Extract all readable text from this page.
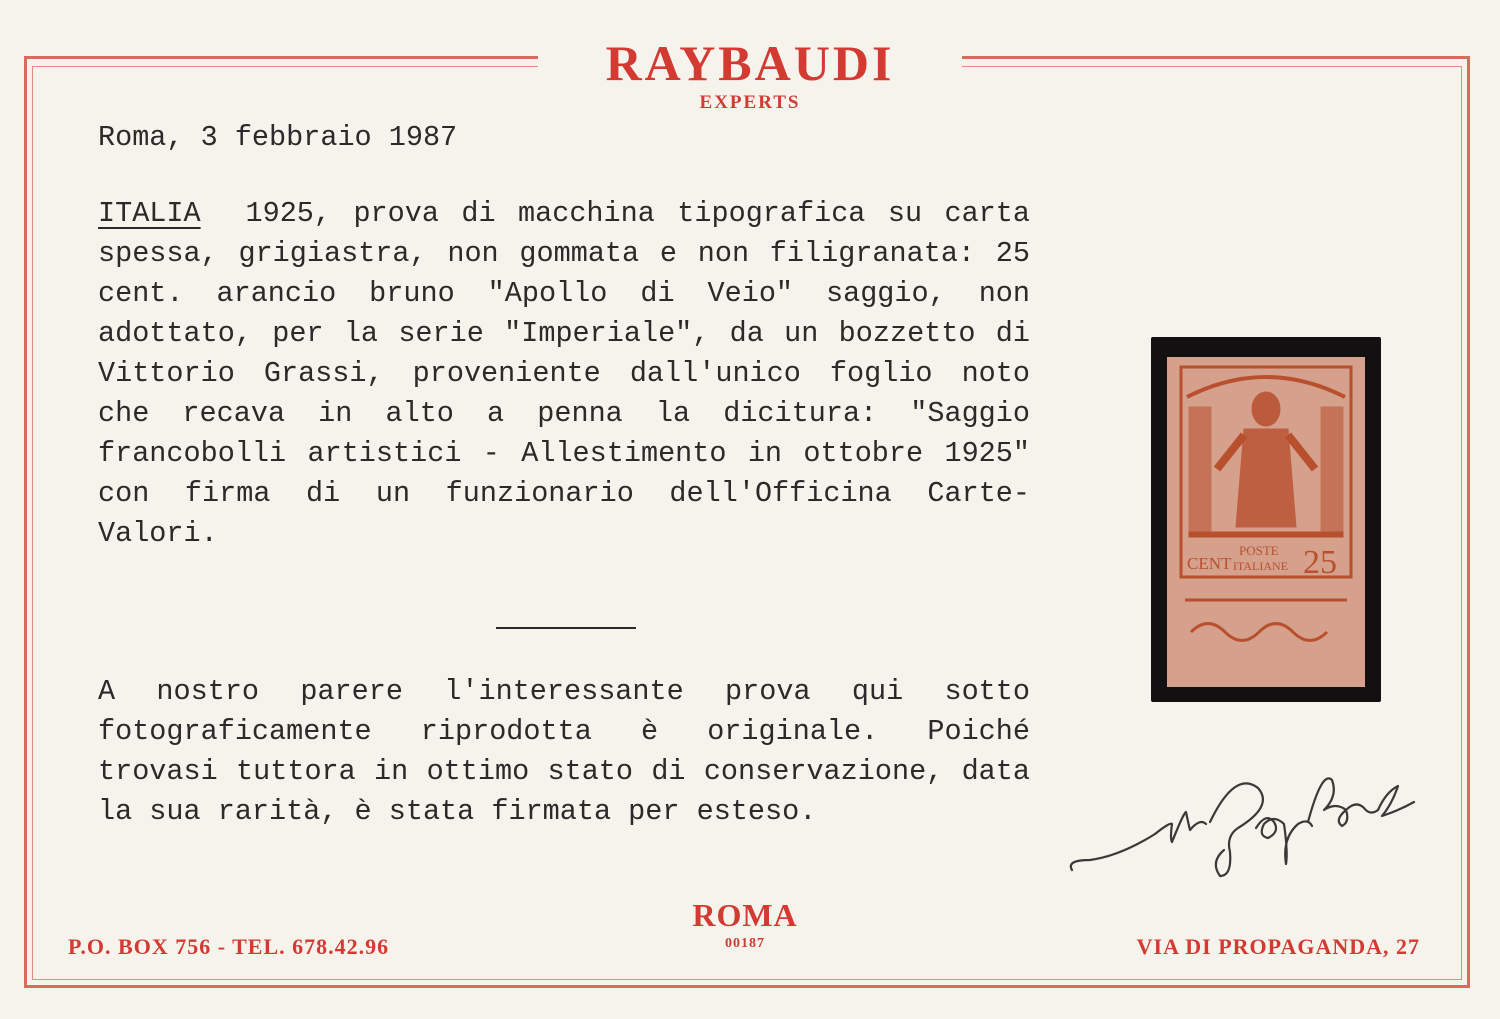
RAYBAUDI

EXPERTS

Roma, 3 febbraio 1987

ITALIA 1925, prova di macchina tipografica su carta spessa, grigiastra, non gommata e non filigranata: 25 cent. arancio bruno "Apollo di Veio" saggio, non adottato, per la serie "Imperiale", da un bozzetto di Vittorio Grassi, proveniente dall'unico foglio noto che recava in alto a penna la dicitura: "Saggio francobolli artistici - Allestimento in ottobre 1925" con firma di un funzionario dell'Officina Carte-Valori.

A nostro parere l'interessante prova qui sotto fotograficamente riprodotta è originale. Poiché trovasi tuttora in ottimo stato di conservazione, data la sua rarità, è stata firmata per esteso.

CENT
POSTE
ITALIANE 25
ROMA
00187

P.O. BOX 756 - TEL. 678.42.96	VIA DI PROPAGANDA, 27
